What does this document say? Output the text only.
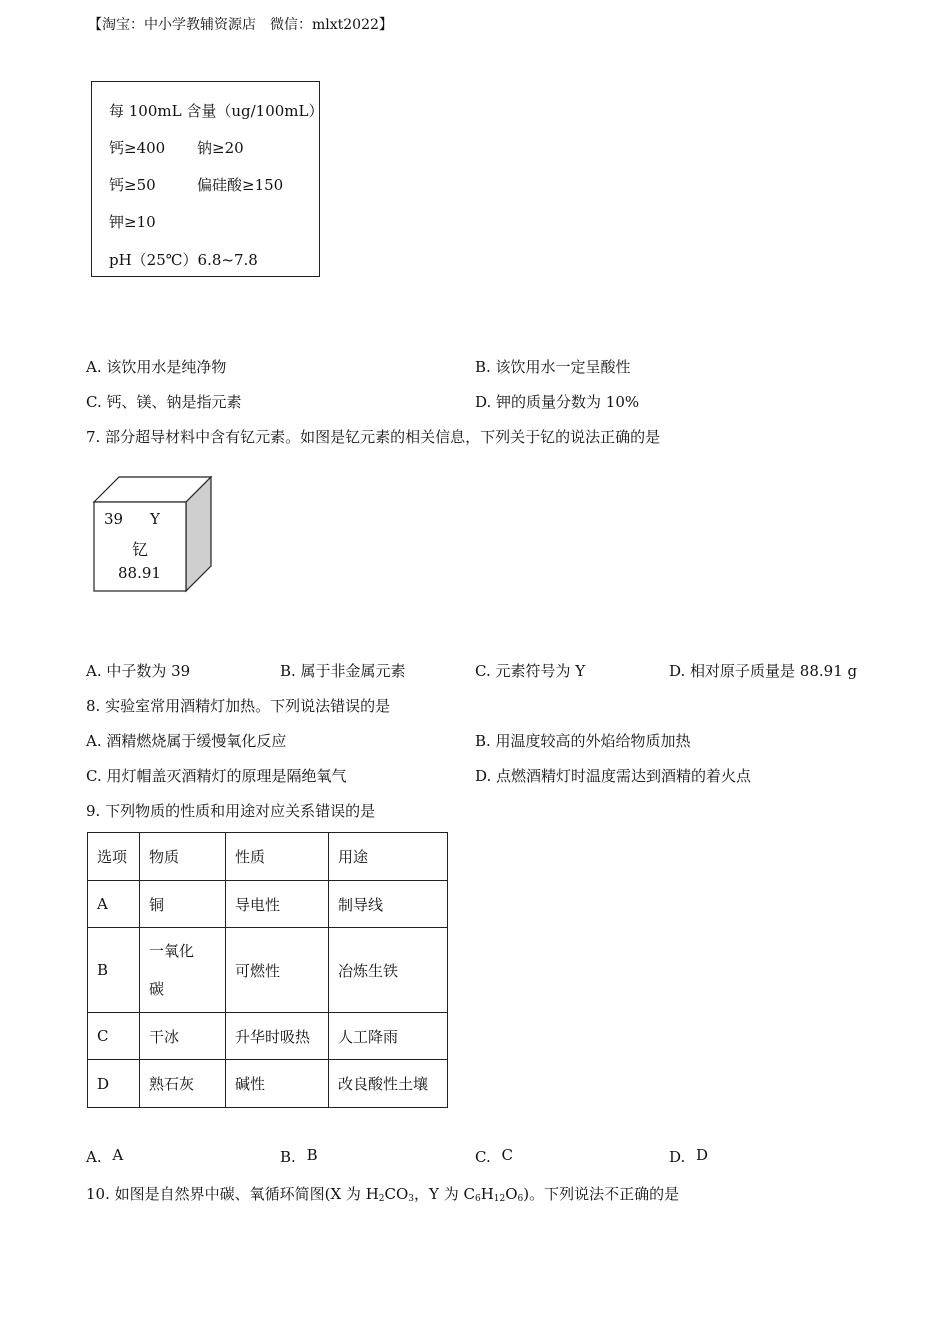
【淘宝：中小学教辅资源店　微信：mlxt2022】
每 100mL 含量（ug/100mL）
钙≥400 钠≥20
钙≥50	偏硅酸≥150
钾≥10
pH（25℃）6.8~7.8
A. 该饮用水是纯净物	B. 该饮用水一定呈酸性
C. 钙、镁、钠是指元素	D. 钾的质量分数为 10%
7. 部分超导材料中含有钇元素。如图是钇元素的相关信息，下列关于钇的说法正确的是
39 Y
钇
88.91
A. 中子数为 39	B. 属于非金属元素	C. 元素符号为 Y	D. 相对原子质量是 88.91 g
8. 实验室常用酒精灯加热。下列说法错误的是
A. 酒精燃烧属于缓慢氧化反应	B. 用温度较高的外焰给物质加热
C. 用灯帽盖灭酒精灯的原理是隔绝氧气	D. 点燃酒精灯时温度需达到酒精的着火点
9. 下列物质的性质和用途对应关系错误的是
选项	物质	性质	用途
A	铜	导电性	制导线
B	一氧化
碳	可燃性	冶炼生铁
C	干冰	升华时吸热	人工降雨
D	熟石灰	碱性	改良酸性土壤
A. A	B. B	C. C	D. D
10. 如图是自然界中碳、氧循环简图(X 为 $H_2CO_3$，Y 为 $C_6H_{12}O_6$)。下列说法不正确的是
